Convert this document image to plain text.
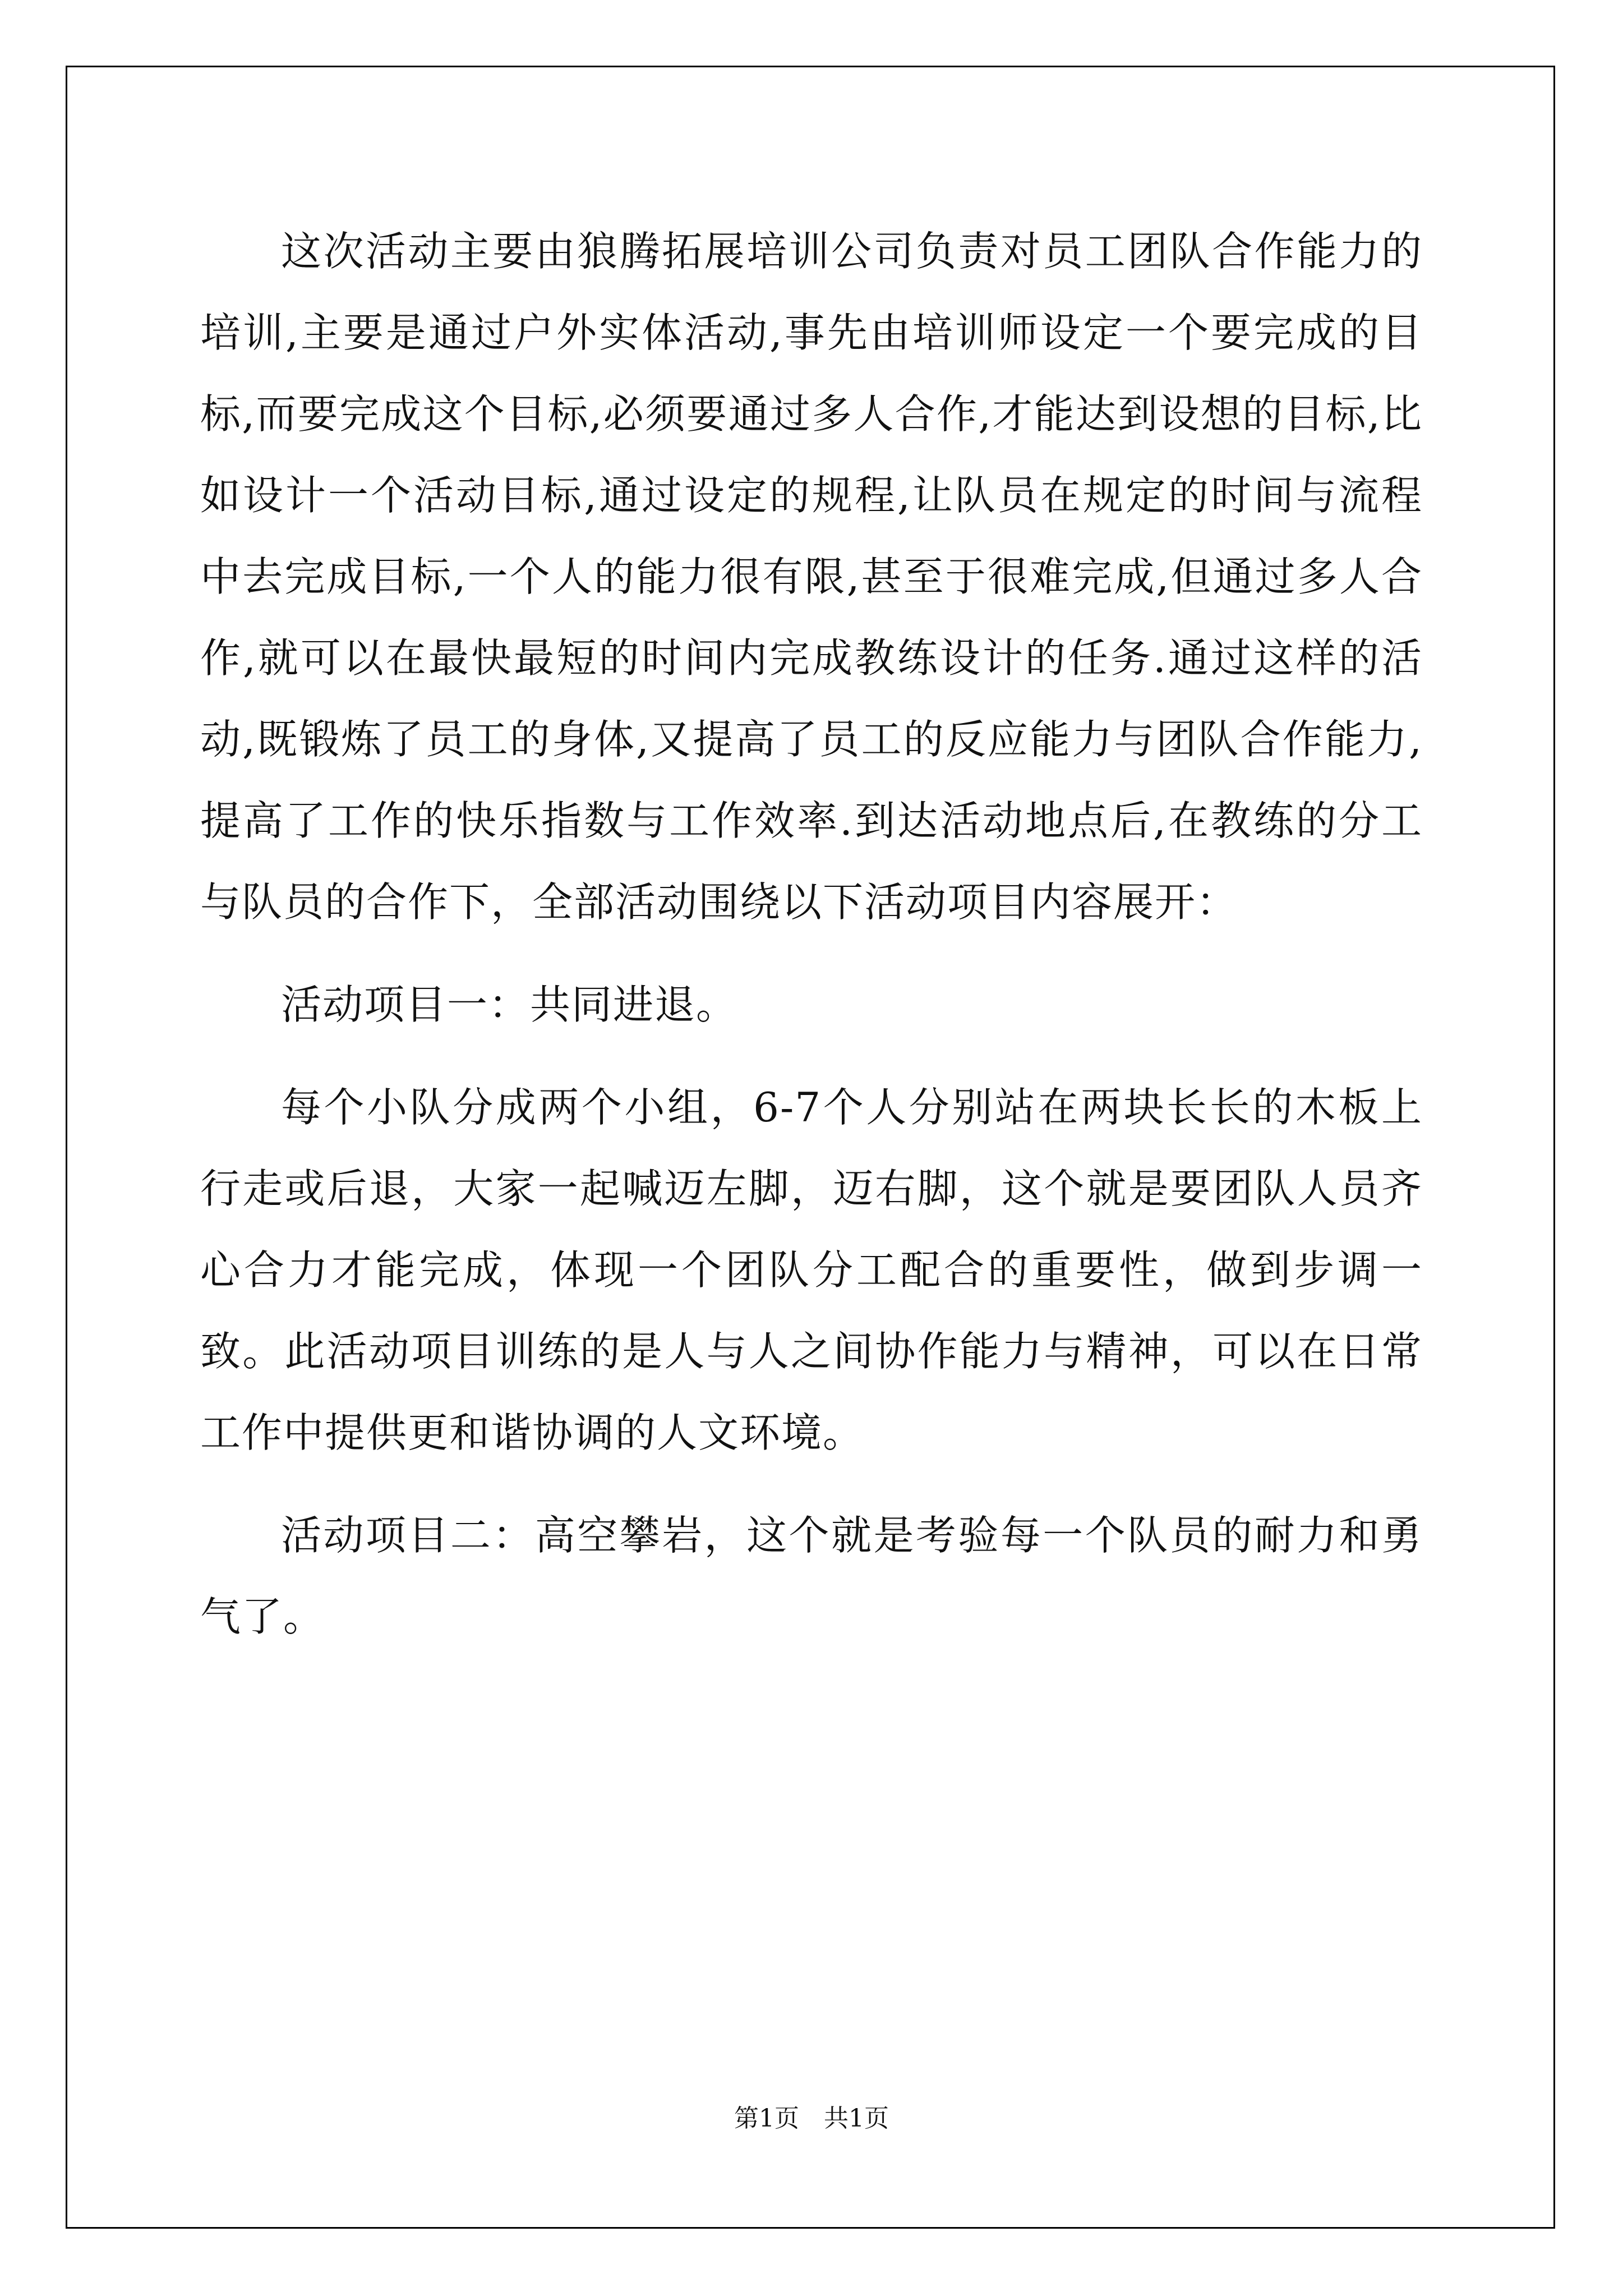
这次活动主要由狼腾拓展培训公司负责对员工团队合作能力的培训,主要是通过户外实体活动,事先由培训师设定一个要完成的目标,而要完成这个目标,必须要通过多人合作,才能达到设想的目标,比如设计一个活动目标,通过设定的规程,让队员在规定的时间与流程中去完成目标,一个人的能力很有限,甚至于很难完成,但通过多人合作,就可以在最快最短的时间内完成教练设计的任务.通过这样的活动,既锻炼了员工的身体,又提高了员工的反应能力与团队合作能力,提高了工作的快乐指数与工作效率.到达活动地点后,在教练的分工与队员的合作下，全部活动围绕以下活动项目内容展开：

活动项目一：共同进退。

每个小队分成两个小组，6-7个人分别站在两块长长的木板上行走或后退，大家一起喊迈左脚，迈右脚，这个就是要团队人员齐心合力才能完成，体现一个团队分工配合的重要性，做到步调一致。此活动项目训练的是人与人之间协作能力与精神，可以在日常工作中提供更和谐协调的人文环境。

活动项目二：高空攀岩，这个就是考验每一个队员的耐力和勇气了。

第1页　共1页
